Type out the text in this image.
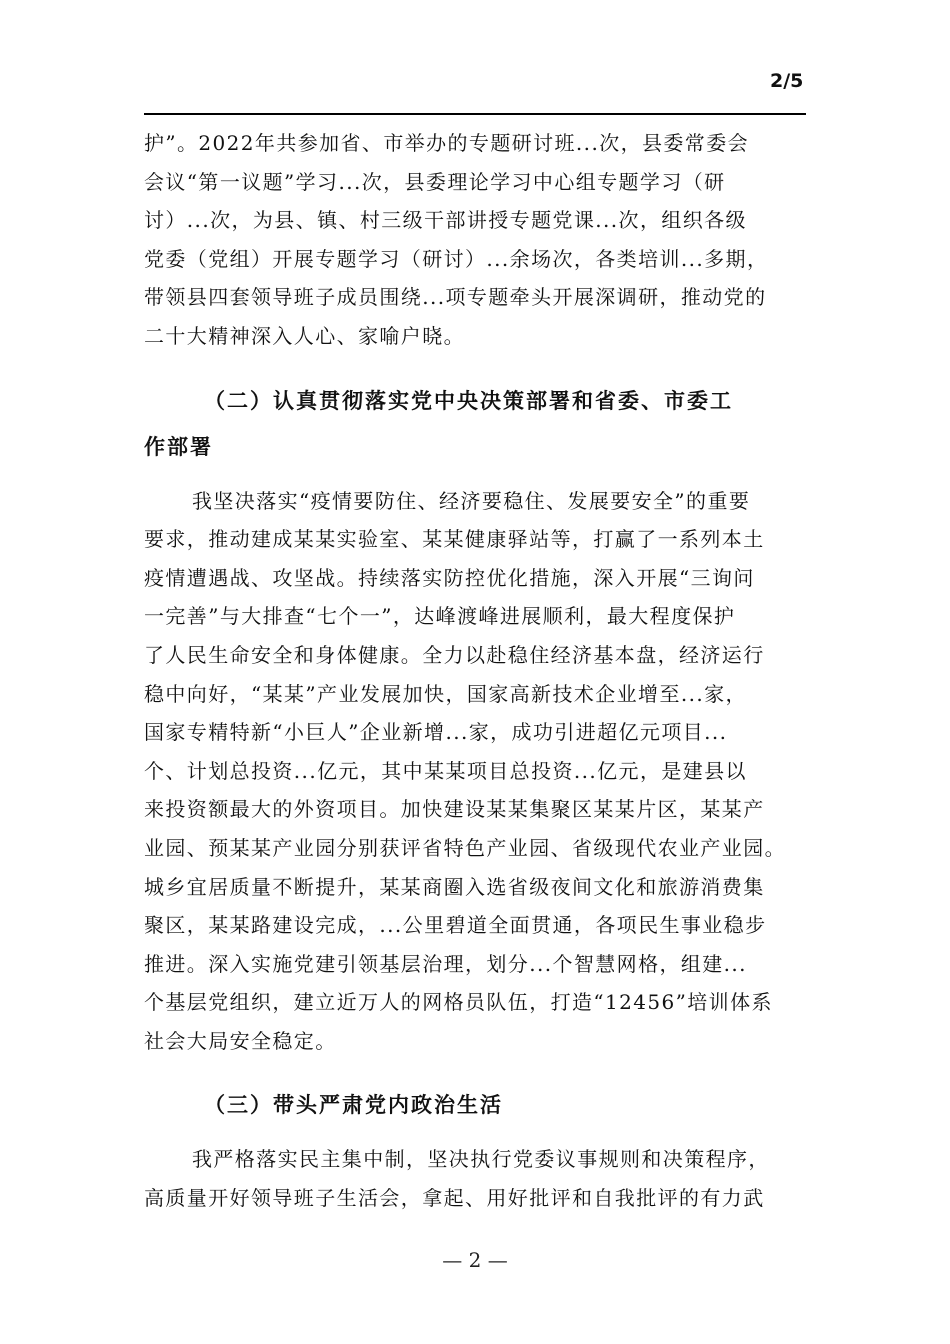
2/5
护”。2022年共参加省、市举办的专题研讨班...次，县委常委会
会议“第一议题”学习...次，县委理论学习中心组专题学习（研
讨）...次，为县、镇、村三级干部讲授专题党课...次，组织各级
党委（党组）开展专题学习（研讨）...余场次，各类培训...多期，
带领县四套领导班子成员围绕...项专题牵头开展深调研，推动党的
二十大精神深入人心、家喻户晓。
（二）认真贯彻落实党中央决策部署和省委、市委工
作部署
我坚决落实“疫情要防住、经济要稳住、发展要安全”的重要
要求，推动建成某某实验室、某某健康驿站等，打赢了一系列本土
疫情遭遇战、攻坚战。持续落实防控优化措施，深入开展“三询问
一完善”与大排查“七个一”，达峰渡峰进展顺利，最大程度保护
了人民生命安全和身体健康。全力以赴稳住经济基本盘，经济运行
稳中向好，“某某”产业发展加快，国家高新技术企业增至...家，
国家专精特新“小巨人”企业新增...家，成功引进超亿元项目...
个、计划总投资...亿元，其中某某项目总投资...亿元，是建县以
来投资额最大的外资项目。加快建设某某集聚区某某片区，某某产
业园、预某某产业园分别获评省特色产业园、省级现代农业产业园。
城乡宜居质量不断提升，某某商圈入选省级夜间文化和旅游消费集
聚区，某某路建设完成，...公里碧道全面贯通，各项民生事业稳步
推进。深入实施党建引领基层治理，划分...个智慧网格，组建...
个基层党组织，建立近万人的网格员队伍，打造“12456”培训体系
社会大局安全稳定。
（三）带头严肃党内政治生活
我严格落实民主集中制，坚决执行党委议事规则和决策程序，
高质量开好领导班子生活会，拿起、用好批评和自我批评的有力武
— 2 —
